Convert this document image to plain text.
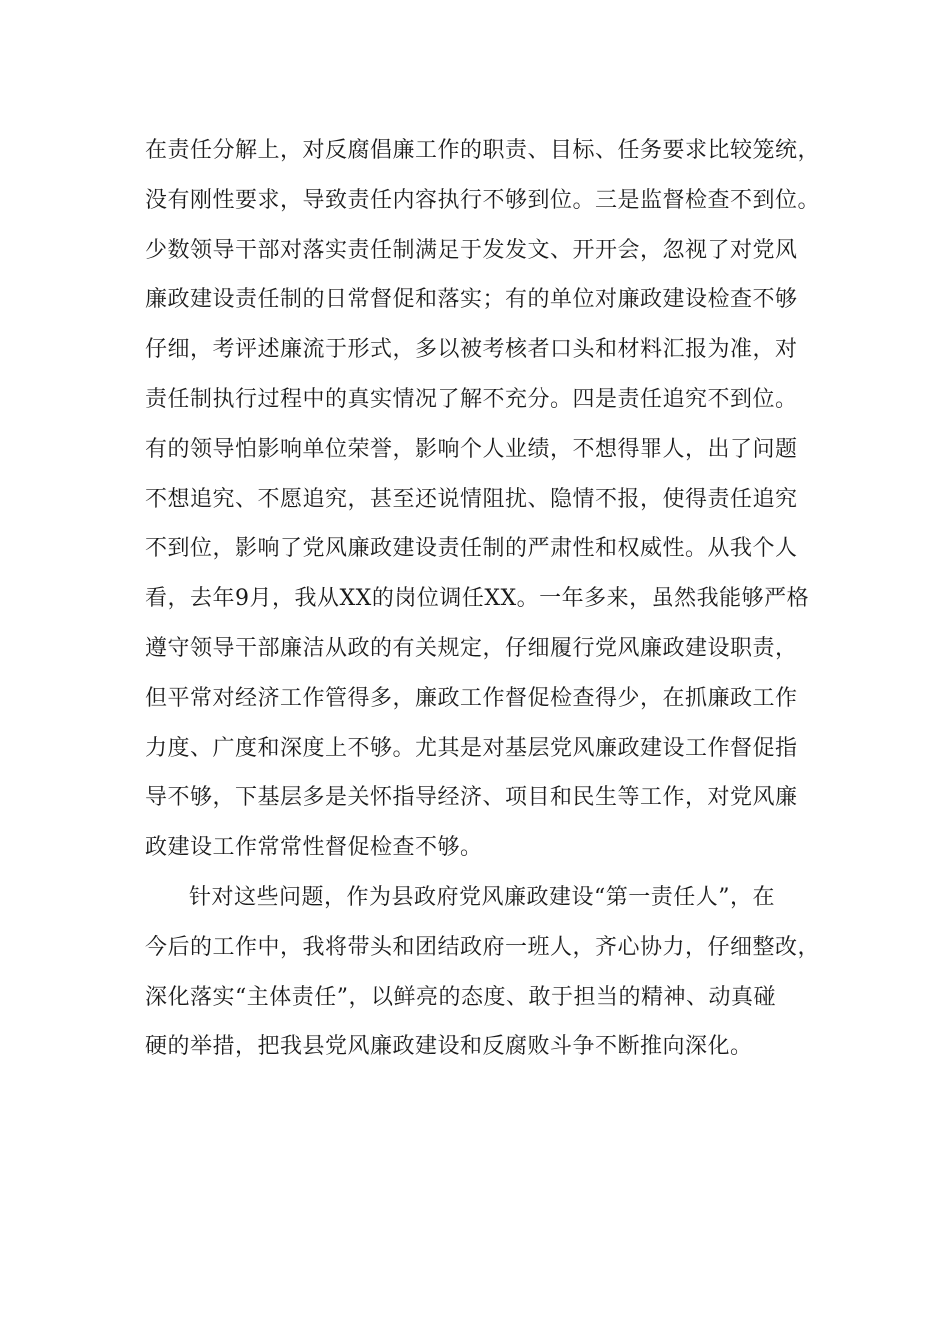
在责任分解上，对反腐倡廉工作的职责、目标、任务要求比较笼统，
没有刚性要求，导致责任内容执行不够到位。三是监督检查不到位。
少数领导干部对落实责任制满足于发发文、开开会，忽视了对党风
廉政建设责任制的日常督促和落实；有的单位对廉政建设检查不够
仔细，考评述廉流于形式，多以被考核者口头和材料汇报为准，对
责任制执行过程中的真实情况了解不充分。四是责任追究不到位。
有的领导怕影响单位荣誉，影响个人业绩，不想得罪人，出了问题
不想追究、不愿追究，甚至还说情阻扰、隐情不报，使得责任追究
不到位，影响了党风廉政建设责任制的严肃性和权威性。从我个人
看，去年9月，我从XX的岗位调任XX。一年多来，虽然我能够严格
遵守领导干部廉洁从政的有关规定，仔细履行党风廉政建设职责，
但平常对经济工作管得多，廉政工作督促检查得少，在抓廉政工作
力度、广度和深度上不够。尤其是对基层党风廉政建设工作督促指
导不够，下基层多是关怀指导经济、项目和民生等工作，对党风廉
政建设工作常常性督促检查不够。
针对这些问题，作为县政府党风廉政建设“第一责任人”，在
今后的工作中，我将带头和团结政府一班人，齐心协力，仔细整改，
深化落实“主体责任”，以鲜亮的态度、敢于担当的精神、动真碰
硬的举措，把我县党风廉政建设和反腐败斗争不断推向深化。
